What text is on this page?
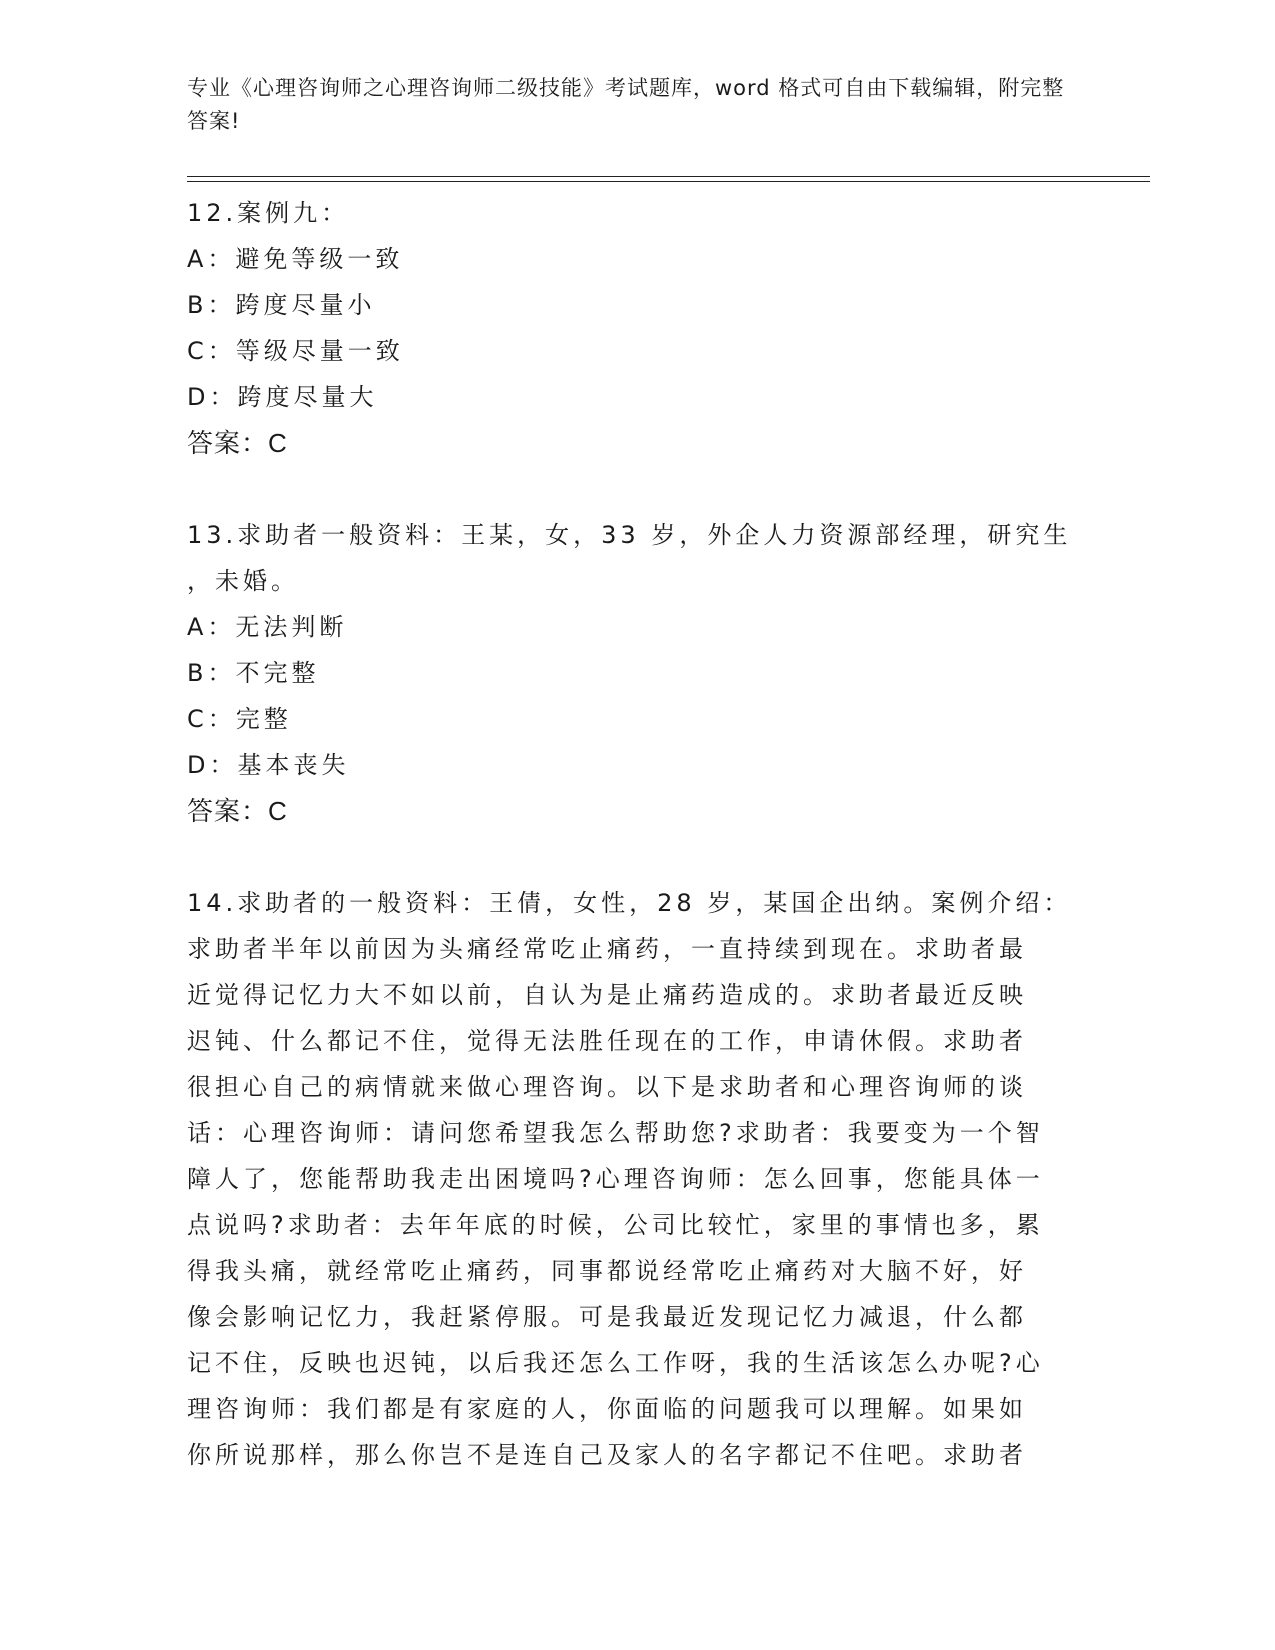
专业《心理咨询师之心理咨询师二级技能》考试题库，word 格式可自由下载编辑，附完整答案!
12.案例九：
A：避免等级一致
B：跨度尽量小
C：等级尽量一致
D：跨度尽量大
答案：C
13.求助者一般资料：王某，女，33 岁，外企人力资源部经理，研究生
，未婚。
A：无法判断
B：不完整
C：完整
D：基本丧失
答案：C
14.求助者的一般资料：王倩，女性，28 岁，某国企出纳。案例介绍：
求助者半年以前因为头痛经常吃止痛药，一直持续到现在。求助者最
近觉得记忆力大不如以前，自认为是止痛药造成的。求助者最近反映
迟钝、什么都记不住，觉得无法胜任现在的工作，申请休假。求助者
很担心自己的病情就来做心理咨询。以下是求助者和心理咨询师的谈
话：心理咨询师：请问您希望我怎么帮助您?求助者：我要变为一个智
障人了，您能帮助我走出困境吗?心理咨询师：怎么回事，您能具体一
点说吗?求助者：去年年底的时候，公司比较忙，家里的事情也多，累
得我头痛，就经常吃止痛药，同事都说经常吃止痛药对大脑不好，好
像会影响记忆力，我赶紧停服。可是我最近发现记忆力减退，什么都
记不住，反映也迟钝，以后我还怎么工作呀，我的生活该怎么办呢?心
理咨询师：我们都是有家庭的人，你面临的问题我可以理解。如果如
你所说那样，那么你岂不是连自己及家人的名字都记不住吧。求助者
